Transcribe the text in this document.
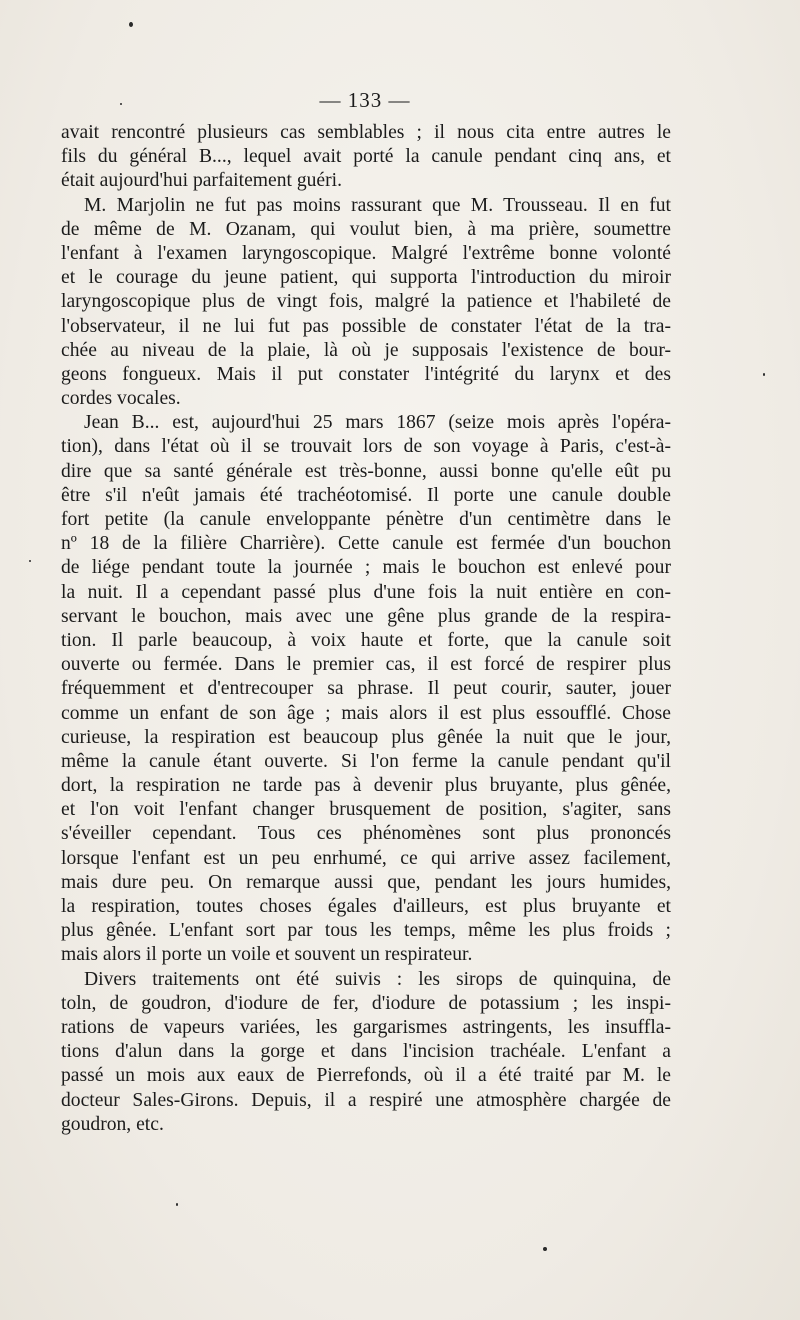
— 133 —
avait rencontré plusieurs cas semblables ; il nous cita entre autres le
fils du général B..., lequel avait porté la canule pendant cinq ans, et
était aujourd'hui parfaitement guéri.
M. Marjolin ne fut pas moins rassurant que M. Trousseau. Il en fut
de même de M. Ozanam, qui voulut bien, à ma prière, soumettre
l'enfant à l'examen laryngoscopique. Malgré l'extrême bonne volonté
et le courage du jeune patient, qui supporta l'introduction du miroir
laryngoscopique plus de vingt fois, malgré la patience et l'habileté de
l'observateur, il ne lui fut pas possible de constater l'état de la tra-
chée au niveau de la plaie, là où je supposais l'existence de bour-
geons fongueux. Mais il put constater l'intégrité du larynx et des
cordes vocales.
Jean B... est, aujourd'hui 25 mars 1867 (seize mois après l'opéra-
tion), dans l'état où il se trouvait lors de son voyage à Paris, c'est-à-
dire que sa santé générale est très-bonne, aussi bonne qu'elle eût pu
être s'il n'eût jamais été trachéotomisé. Il porte une canule double
fort petite (la canule enveloppante pénètre d'un centimètre dans le
nº 18 de la filière Charrière). Cette canule est fermée d'un bouchon
de liége pendant toute la journée ; mais le bouchon est enlevé pour
la nuit. Il a cependant passé plus d'une fois la nuit entière en con-
servant le bouchon, mais avec une gêne plus grande de la respira-
tion. Il parle beaucoup, à voix haute et forte, que la canule soit
ouverte ou fermée. Dans le premier cas, il est forcé de respirer plus
fréquemment et d'entrecouper sa phrase. Il peut courir, sauter, jouer
comme un enfant de son âge ; mais alors il est plus essoufflé. Chose
curieuse, la respiration est beaucoup plus gênée la nuit que le jour,
même la canule étant ouverte. Si l'on ferme la canule pendant qu'il
dort, la respiration ne tarde pas à devenir plus bruyante, plus gênée,
et l'on voit l'enfant changer brusquement de position, s'agiter, sans
s'éveiller cependant. Tous ces phénomènes sont plus prononcés
lorsque l'enfant est un peu enrhumé, ce qui arrive assez facilement,
mais dure peu. On remarque aussi que, pendant les jours humides,
la respiration, toutes choses égales d'ailleurs, est plus bruyante et
plus gênée. L'enfant sort par tous les temps, même les plus froids ;
mais alors il porte un voile et souvent un respirateur.
Divers traitements ont été suivis : les sirops de quinquina, de
toln, de goudron, d'iodure de fer, d'iodure de potassium ; les inspi-
rations de vapeurs variées, les gargarismes astringents, les insuffla-
tions d'alun dans la gorge et dans l'incision trachéale. L'enfant a
passé un mois aux eaux de Pierrefonds, où il a été traité par M. le
docteur Sales-Girons. Depuis, il a respiré une atmosphère chargée de
goudron, etc.
